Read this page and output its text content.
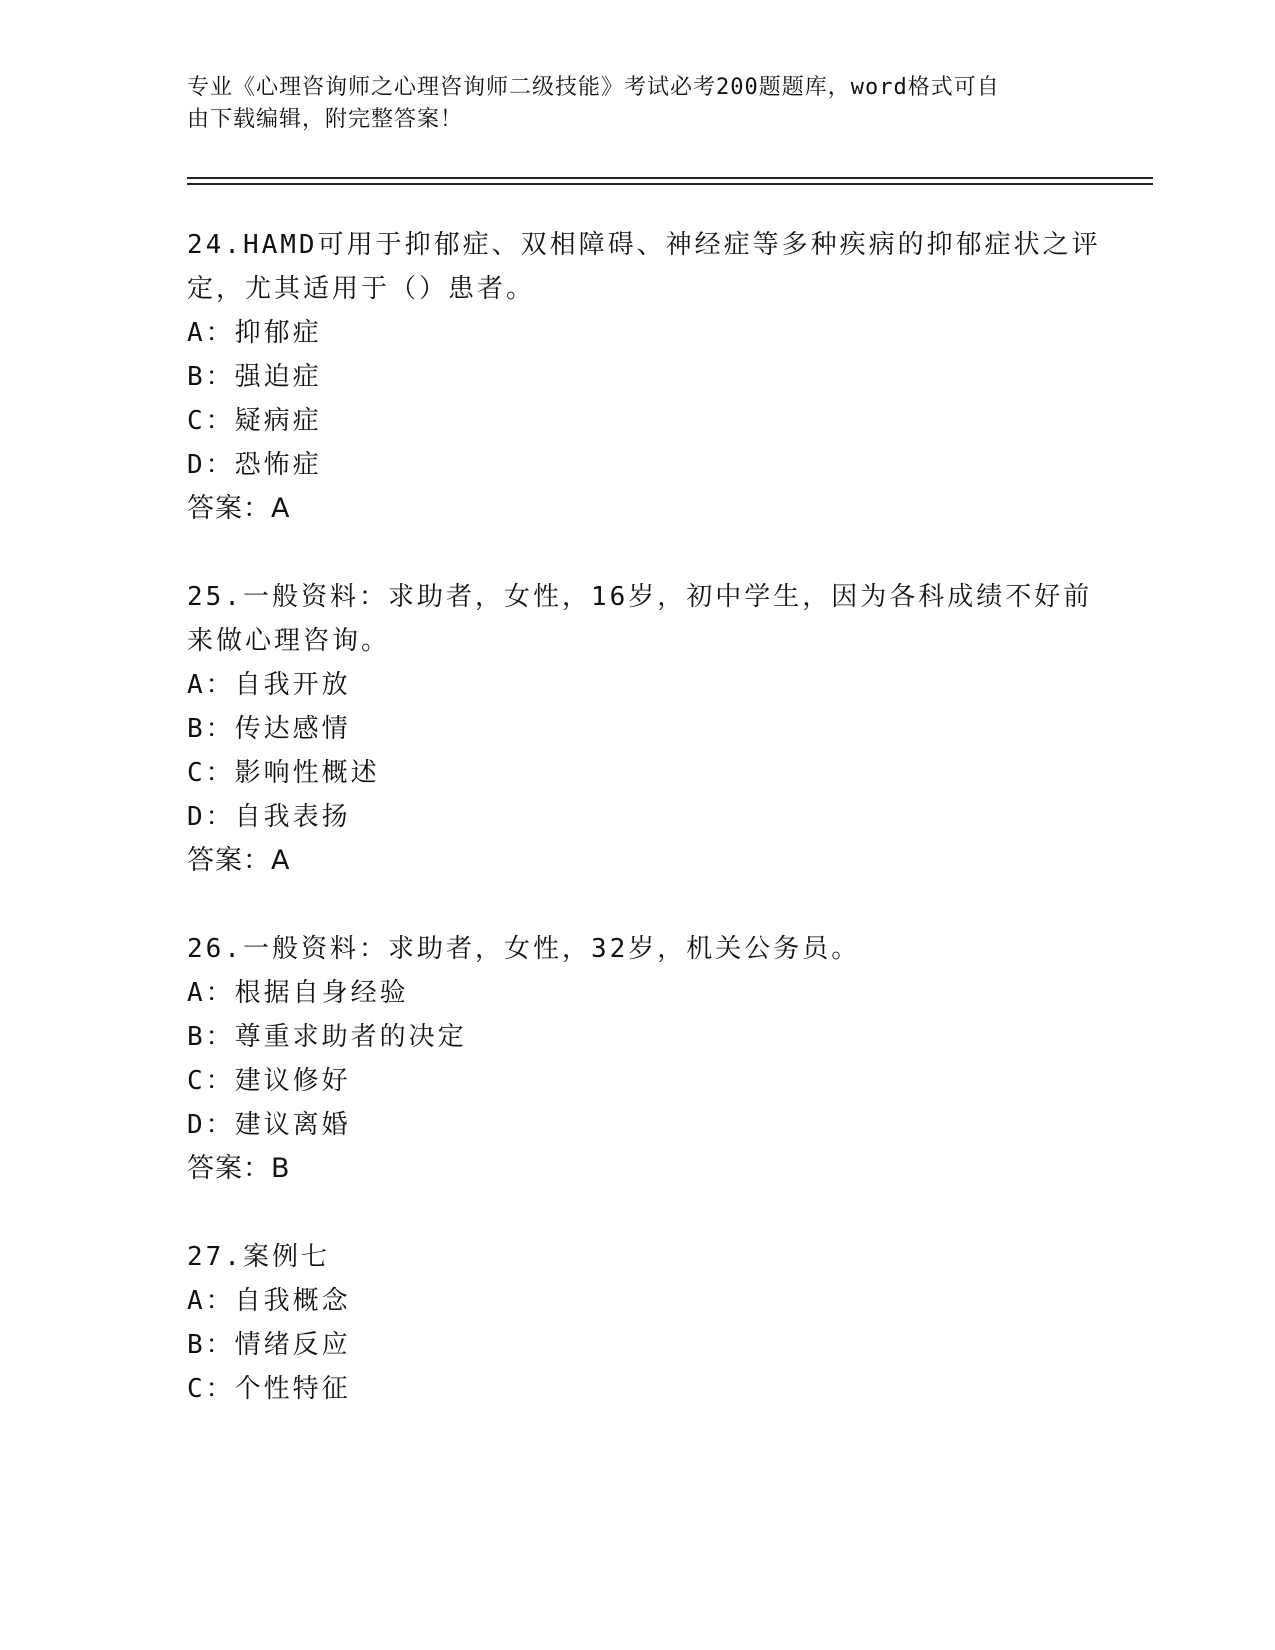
专业《心理咨询师之心理咨询师二级技能》考试必考200题题库，word格式可自
由下载编辑，附完整答案！
24.HAMD可用于抑郁症、双相障碍、神经症等多种疾病的抑郁症状之评
定，尤其适用于（）患者。
A：抑郁症
B：强迫症
C：疑病症
D：恐怖症
答案：A
25.一般资料：求助者，女性，16岁，初中学生，因为各科成绩不好前
来做心理咨询。
A：自我开放
B：传达感情
C：影响性概述
D：自我表扬
答案：A
26.一般资料：求助者，女性，32岁，机关公务员。
A：根据自身经验
B：尊重求助者的决定
C：建议修好
D：建议离婚
答案：B
27.案例七
A：自我概念
B：情绪反应
C：个性特征
